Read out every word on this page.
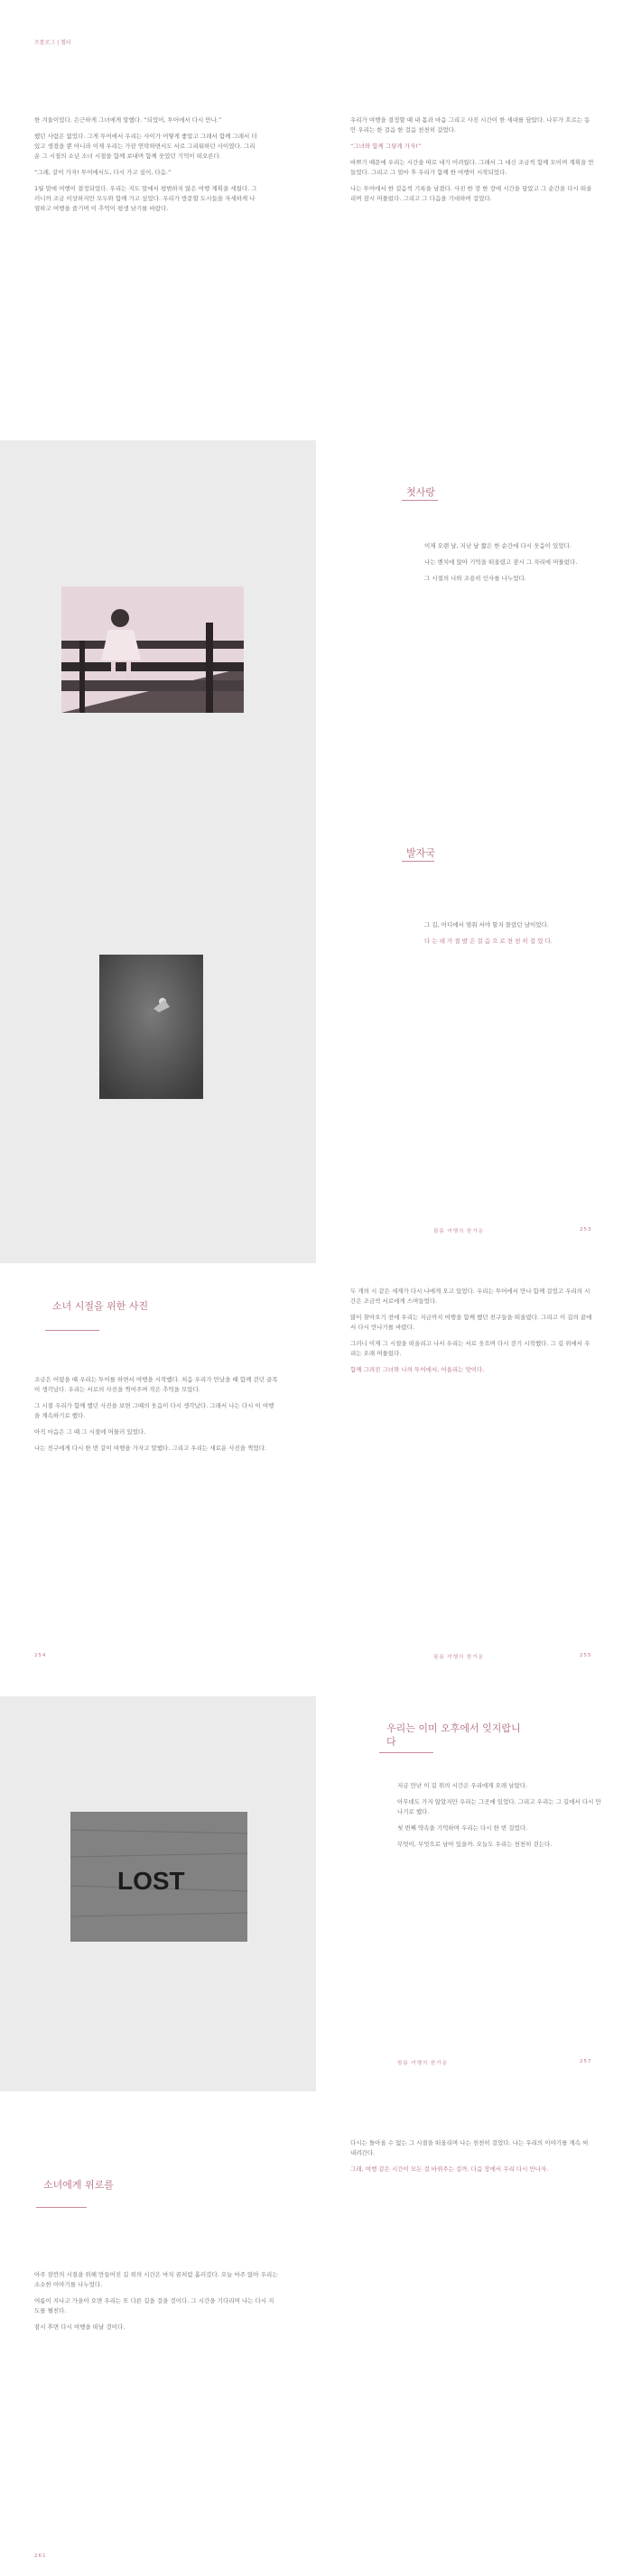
프롤로그 | 챕터

한 겨울이었다. 은근하게 그녀에게 말했다. “되었어, 투어에서 다시 만나.”

했던 사람은 없었다. 그게 투어에서 우리는 사이가 어떻게 좋았고 그래서 함께 그래서 더 있고 생겼을 뿐 아니라 이제 우리는 가끔 연락하면서도 서로 그리워하던 사이였다. 그리운 그 시절의 소년 소녀 시절을 함께 보내며 함께 웃었던 기억이 떠오른다.

“그래, 같이 가자! 투어에서도, 다시 가고 싶어, 다음.”

1월 말에 여행이 결정되었다. 우리는 지도 앞에서 평범하지 않은 여행 계획을 세웠다. 그러니까 조금 이상하지만 모두와 함께 가고 싶었다. 우리가 방문할 도시들을 자세하게 나열하고 여행을 즐기며 이 추억이 평생 남기를 바랐다.

우리가 여행을 결정할 때 내 몸과 마음 그리고 사진 시간이 한 세대를 담았다. 나무가 흐르는 동안 우리는 한 걸음 한 걸음 천천히 걸었다.

“그녀와 함께 그렇게 가자!”

바쁘기 때문에 우리는 시간을 따로 내기 어려웠다. 그래서 그 대신 조금씩 함께 모이며 계획을 만들었다. 그리고 그 얼마 후 우리가 함께 한 여행이 시작되었다.

나는 투어에서 한 걸음씩 기록을 남겼다. 사진 한 장 한 장에 시간을 담았고 그 순간을 다시 떠올리며 잠시 머물렀다. 그리고 그 다음을 기대하며 걸었다.

첫사랑

이제 오랜 날, 지난 날 짧은 한 순간에 다시 웃음이 있었다.

나는 벤치에 앉아 기억을 떠올렸고 잠시 그 자리에 머물렀다.

그 시절의 나와 조용히 인사를 나누었다.

발자국

그 길, 어디에서 멈춰 서야 할지 몰랐던 날이었다.

다 는 데 가 절 발 은 걸 음 으 로 천 천 히 걸 었 다.

필름 여행의 한가운	253
소녀 시절을 위한 사진

조금은 어렸을 때 우리는 투어를 하면서 여행을 시작했다. 처음 우리가 만났을 때 함께 걷던 골목이 생각났다. 우리는 서로의 사진을 찍어주며 작은 추억을 모았다.

그 시절 우리가 함께 했던 사진을 보면 그때의 웃음이 다시 생각났다. 그래서 나는 다시 이 여행을 계속하기로 했다.

아직 마음은 그 때 그 시절에 머물러 있었다.

나는 친구에게 다시 한 번 같이 여행을 가자고 말했다. 그리고 우리는 새로운 사진을 찍었다.

254

두 개의 시 같은 세계가 다시 나에게 오고 있었다. 우리는 투어에서 만나 함께 걸었고 우리의 시간은 조금씩 서로에게 스며들었다.

많이 찾아오기 전에 우리는 지금까지 여행을 함께 했던 친구들을 떠올렸다. 그리고 이 길의 끝에서 다시 만나기를 바랐다.

그러니 이제 그 시절을 떠올리고 나서 우리는 서로 웃으며 다시 걷기 시작했다. 그 길 위에서 우리는 오래 머물렀다.

함께 그려진 그녀와 나의 투어에서, 어울리는 맛이다.

필름 여행의 한가운	255
LOST
우리는 이미 오후에서 잊지랍니다

지금 만난 이 길 위의 시간은 우리에게 오래 남았다.

아무데도 가지 않았지만 우리는 그곳에 있었다. 그리고 우리는 그 길에서 다시 만나기로 했다.

첫 번째 약속을 기억하며 우리는 다시 한 번 걸었다.

무엇이, 무엇으로 남아 있을까. 오늘도 우리는 천천히 걷는다.

필름 여행의 한가운	257
소녀에게 위로를

아주 잠깐의 시절을 위해 만들어진 길 위의 시간은 마치 꿈처럼 흘러갔다. 오늘 마주 앉아 우리는 소소한 이야기를 나누었다.

여름이 지나고 가을이 오면 우리는 또 다른 길을 걸을 것이다. 그 시간을 기다리며 나는 다시 지도를 펼친다.

잠시 후면 다시 여행을 떠날 것이다.

261

다시는 돌아올 수 없는 그 시절을 떠올리며 나는 천천히 걸었다. 나는 우리의 이야기를 계속 써 내려간다.

그래, 여행 같은 시간이 모든 걸 바꿔주는 걸까. 다음 장에서 우리 다시 만나자.
